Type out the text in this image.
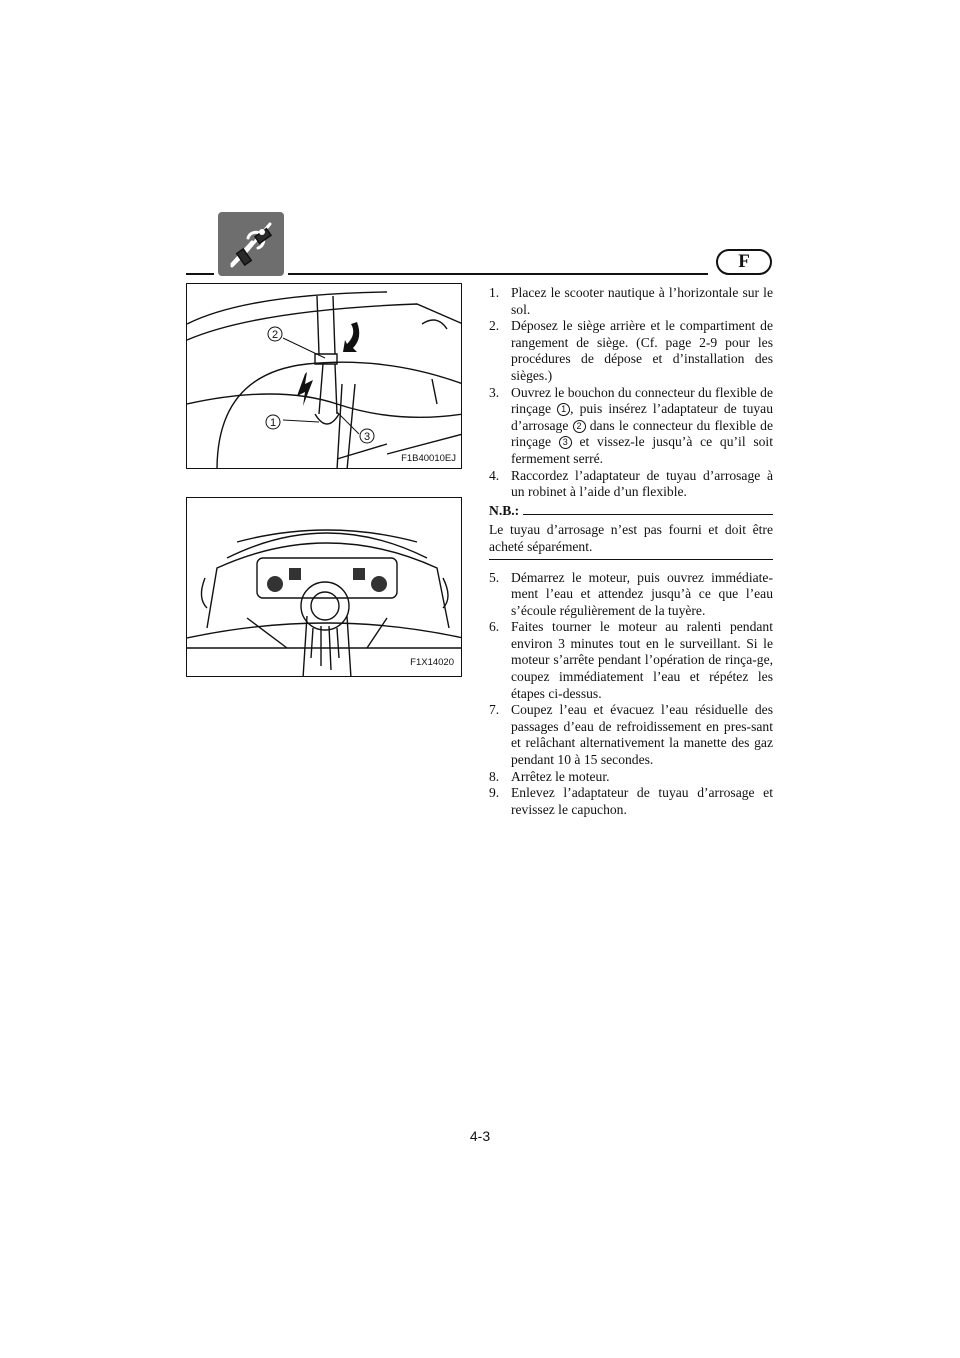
F
2
1
3
F1B40010EJ
F1X14020

1. Placez le scooter nautique à l’horizontale sur le sol.

2. Déposez le siège arrière et le compartiment de rangement de siège. (Cf. page 2-9 pour les procédures de dépose et d’installation des sièges.)

3. Ouvrez le bouchon du connecteur du flexible de rinçage 1 , puis insérez l’adaptateur de tuyau d’arrosage 2 dans le connecteur du flexible de rinçage 3 et vissez-le jusqu’à ce qu’il soit fermement serré.

4. Raccordez l’adaptateur de tuyau d’arrosage à un robinet à l’aide d’un flexible.

N.B.:

Le tuyau d’arrosage n’est pas fourni et doit être acheté séparément.

5. Démarrez le moteur, puis ouvrez immédiate-ment l’eau et attendez jusqu’à ce que l’eau s’écoule régulièrement de la tuyère.

6. Faites tourner le moteur au ralenti pendant environ 3 minutes tout en le surveillant. Si le moteur s’arrête pendant l’opération de rinça-ge, coupez immédiatement l’eau et répétez les étapes ci-dessus.

7. Coupez l’eau et évacuez l’eau résiduelle des passages d’eau de refroidissement en pres-sant et relâchant alternativement la manette des gaz pendant 10 à 15 secondes.

8. Arrêtez le moteur.

9. Enlevez l’adaptateur de tuyau d’arrosage et revissez le capuchon.

4-3
